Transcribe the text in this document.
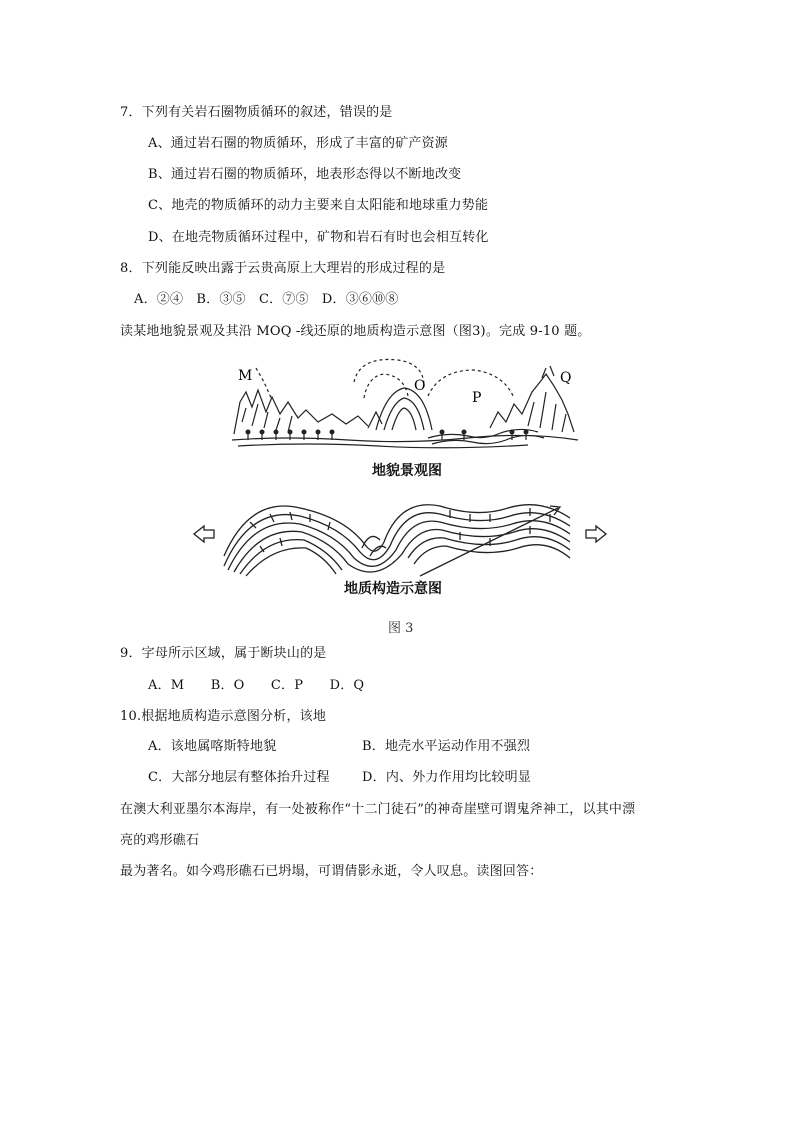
7．下列有关岩石圈物质循环的叙述，错误的是
A、通过岩石圈的物质循环，形成了丰富的矿产资源
B、通过岩石圈的物质循环，地表形态得以不断地改变
C、地壳的物质循环的动力主要来自太阳能和地球重力势能
D、在地壳物质循环过程中，矿物和岩石有时也会相互转化
8．下列能反映出露于云贵高原上大理岩的形成过程的是
A．②④　B．③⑤　C．⑦⑤　D．③⑥⑩⑧
读某地地貌景观及其沿 MOQ -线还原的地质构造示意图（图3)。完成 9-10 题。
M
O
P
Q
地貌景观图
地质构造示意图
图 3
9．字母所示区域，属于断块山的是
A．M　　B．O　　C．P　　D．Q
10.根据地质构造示意图分析，该地
A．该地属喀斯特地貌	B．地壳水平运动作用不强烈
C．大部分地层有整体抬升过程 D．内、外力作用均比较明显
在澳大利亚墨尔本海岸，有一处被称作“十二门徒石”的神奇崖壁可谓鬼斧神工，以其中漂
亮的鸡形礁石
最为著名。如今鸡形礁石已坍塌，可谓倩影永逝，令人叹息。读图回答：
